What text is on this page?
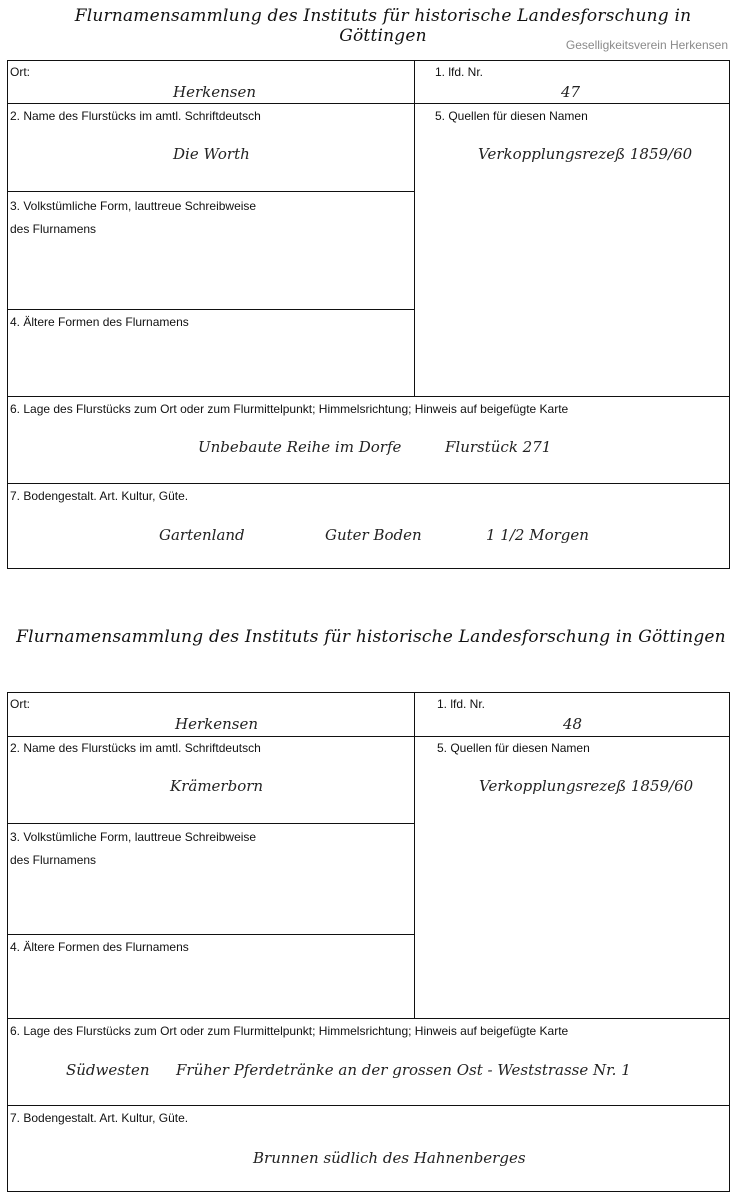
Flurnamensammlung des Instituts für historische Landesforschung in Göttingen	Geselligkeitsverein Herkensen
Ort:
Herkensen
1. lfd. Nr.
47
2. Name des Flurstücks im amtl. Schriftdeutsch
Die Worth
5. Quellen für diesen Namen
Verkopplungsrezeß 1859/60
3. Volkstümliche Form, lauttreue Schreibweise
des Flurnamens
4. Ältere Formen des Flurnamens
6. Lage des Flurstücks zum Ort oder zum Flurmittelpunkt; Himmelsrichtung; Hinweis auf beigefügte Karte
Unbebaute Reihe im Dorfe	Flurstück 271
7. Bodengestalt. Art. Kultur, Güte.
Gartenland	Guter Boden	1 1/2 Morgen
Flurnamensammlung des Instituts für historische Landesforschung in Göttingen
Ort:
Herkensen
1. lfd. Nr.
48
2. Name des Flurstücks im amtl. Schriftdeutsch
Krämerborn
5. Quellen für diesen Namen
Verkopplungsrezeß 1859/60
3. Volkstümliche Form, lauttreue Schreibweise
des Flurnamens
4. Ältere Formen des Flurnamens
6. Lage des Flurstücks zum Ort oder zum Flurmittelpunkt; Himmelsrichtung; Hinweis auf beigefügte Karte
Südwesten Früher Pferdetränke an der grossen Ost - Weststrasse Nr. 1
7. Bodengestalt. Art. Kultur, Güte.
Brunnen südlich des Hahnenberges
